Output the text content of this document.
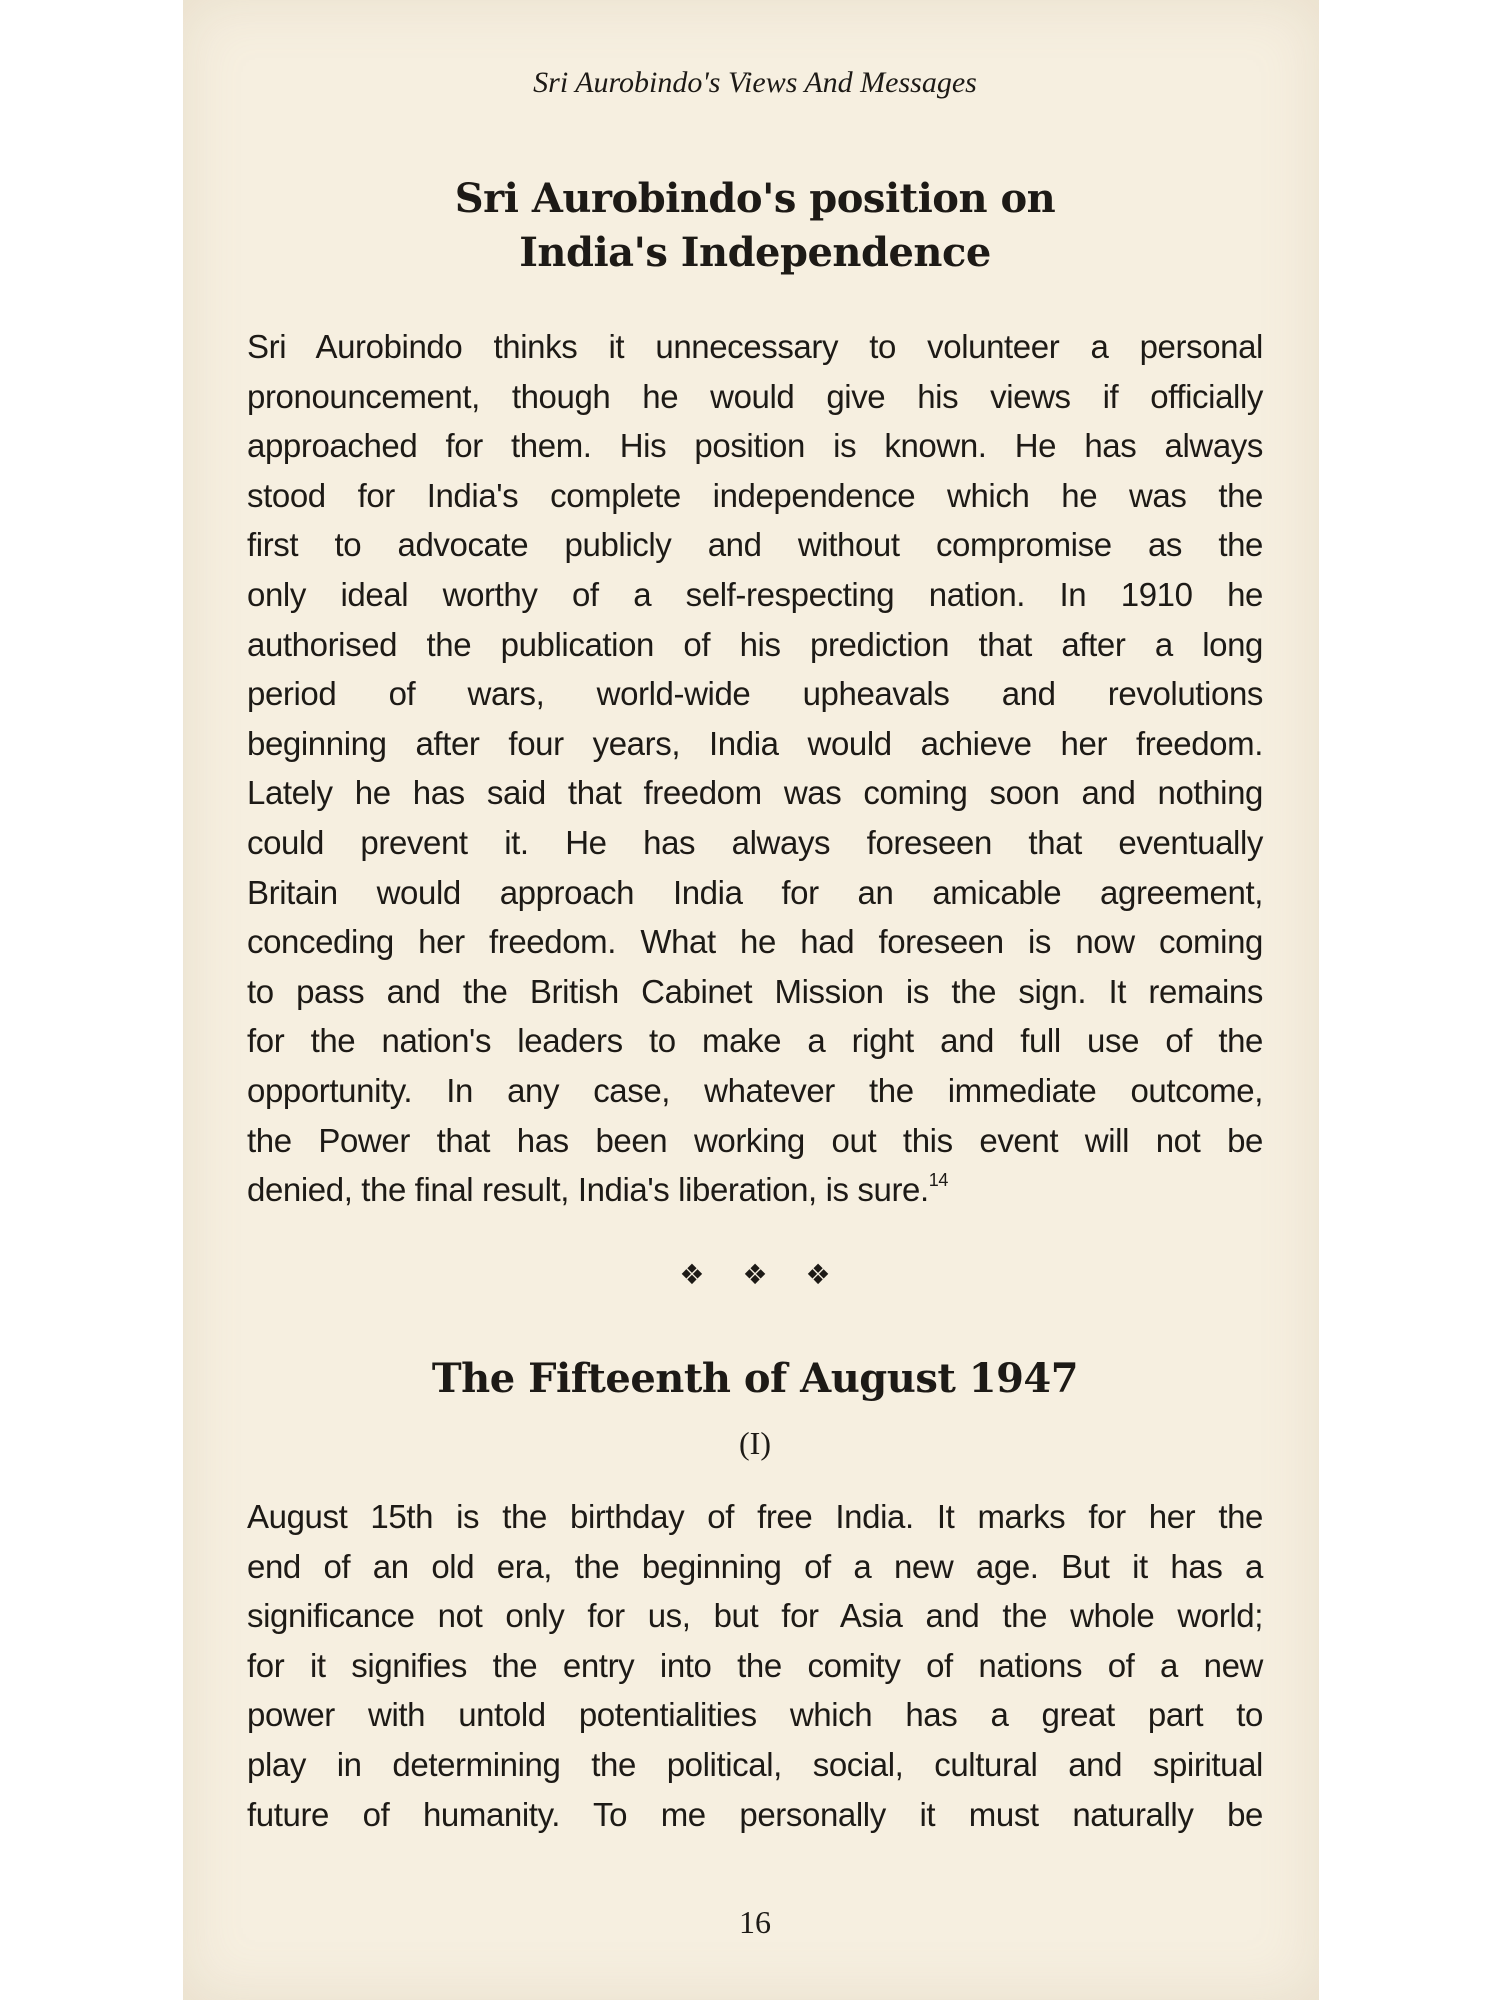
Sri Aurobindo's Views And Messages
Sri Aurobindo's position on
India's Independence
Sri Aurobindo thinks it unnecessary to volunteer a personal
pronouncement, though he would give his views if officially
approached for them. His position is known. He has always
stood for India's complete independence which he was the
first to advocate publicly and without compromise as the
only ideal worthy of a self-respecting nation. In 1910 he
authorised the publication of his prediction that after a long
period of wars, world-wide upheavals and revolutions
beginning after four years, India would achieve her freedom.
Lately he has said that freedom was coming soon and nothing
could prevent it. He has always foreseen that eventually
Britain would approach India for an amicable agreement,
conceding her freedom. What he had foreseen is now coming
to pass and the British Cabinet Mission is the sign. It remains
for the nation's leaders to make a right and full use of the
opportunity. In any case, whatever the immediate outcome,
the Power that has been working out this event will not be
denied, the final result, India's liberation, is sure.$^{14}$
❖❖❖
The Fifteenth of August 1947
(I)
August 15th is the birthday of free India. It marks for her the
end of an old era, the beginning of a new age. But it has a
significance not only for us, but for Asia and the whole world;
for it signifies the entry into the comity of nations of a new
power with untold potentialities which has a great part to
play in determining the political, social, cultural and spiritual
future of humanity. To me personally it must naturally be
16
